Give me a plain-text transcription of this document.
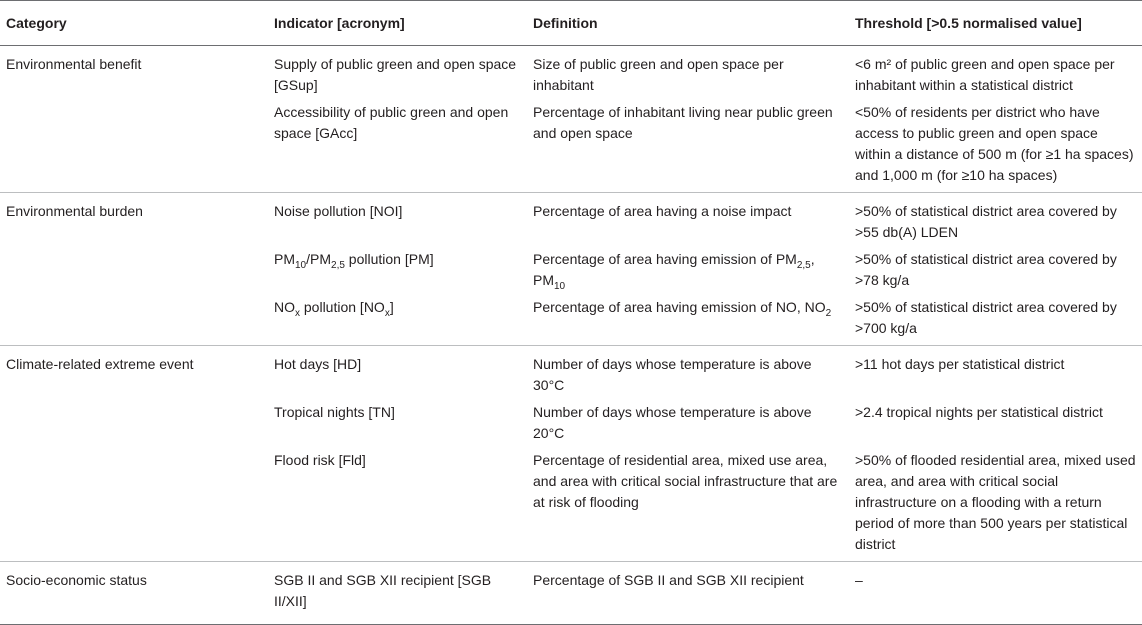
Category	Indicator [acronym]	Definition	Threshold [>0.5 normalised value]
Environmental benefit	Supply of public green and open space [GSup]	Size of public green and open space per inhabitant	<6 m² of public green and open space per inhabitant within a statistical district
	Accessibility of public green and open space [GAcc]	Percentage of inhabitant living near public green and open space	<50% of residents per district who have access to public green and open space within a distance of 500 m (for ≥1 ha spaces) and 1,000 m (for ≥10 ha spaces)
Environmental burden	Noise pollution [NOI]	Percentage of area having a noise impact	>50% of statistical district area covered by >55 db(A) LDEN
	$PM_{10}/PM_{2,5}$ pollution [PM]	Percentage of area having emission of $PM_{2,5}$, $PM_{10}$	>50% of statistical district area covered by >78 kg/a
	$NO_x$ pollution $[NO_x]$	Percentage of area having emission of NO, $NO_2$	>50% of statistical district area covered by >700 kg/a
Climate-related extreme event	Hot days [HD]	Number of days whose temperature is above 30°C	>11 hot days per statistical district
	Tropical nights [TN]	Number of days whose temperature is above 20°C	>2.4 tropical nights per statistical district
	Flood risk [Fld]	Percentage of residential area, mixed use area, and area with critical social infrastructure that are at risk of flooding	>50% of flooded residential area, mixed used area, and area with critical social infrastructure on a flooding with a return period of more than 500 years per statistical district
Socio-economic status	SGB II and SGB XII recipient [SGB II/XII]	Percentage of SGB II and SGB XII recipient	–
